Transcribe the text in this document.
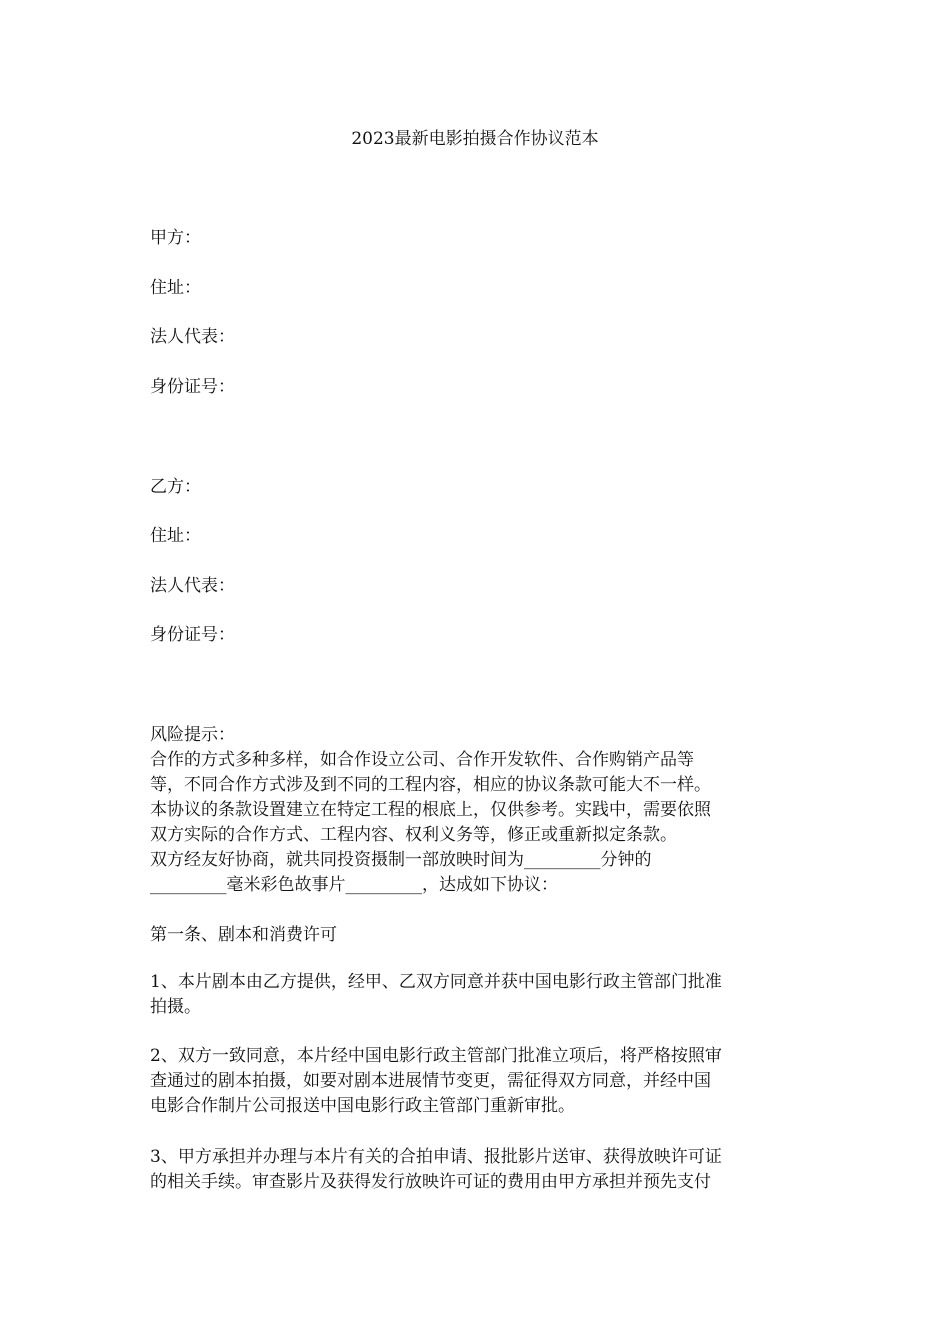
2023最新电影拍摄合作协议范本
甲方：
住址：
法人代表：
身份证号：
乙方：
住址：
法人代表：
身份证号：

风险提示：

合作的方式多种多样，如合作设立公司、合作开发软件、合作购销产品等

等，不同合作方式涉及到不同的工程内容，相应的协议条款可能大不一样。

本协议的条款设置建立在特定工程的根底上，仅供参考。实践中，需要依照

双方实际的合作方式、工程内容、权利义务等，修正或重新拟定条款。

双方经友好协商，就共同投资摄制一部放映时间为_________分钟的

_________毫米彩色故事片_________，达成如下协议：

第一条、剧本和消费许可

1、本片剧本由乙方提供，经甲、乙双方同意并获中国电影行政主管部门批准

拍摄。

2、双方一致同意，本片经中国电影行政主管部门批准立项后，将严格按照审

查通过的剧本拍摄，如要对剧本进展情节变更，需征得双方同意，并经中国

电影合作制片公司报送中国电影行政主管部门重新审批。

3、甲方承担并办理与本片有关的合拍申请、报批影片送审、获得放映许可证

的相关手续。审查影片及获得发行放映许可证的费用由甲方承担并预先支付
